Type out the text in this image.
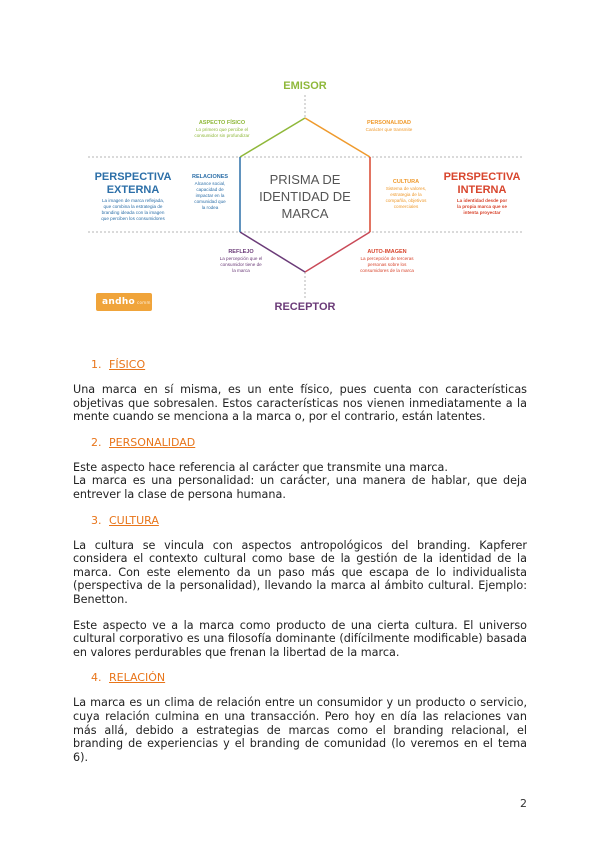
EMISOR
RECEPTOR
PRISMA DE
IDENTIDAD DE
MARCA
PERSPECTIVA
EXTERNA
La imagen de marca reflejada,
que combina la estrategia de
branding ideada con la imagen
que perciben los consumidores
PERSPECTIVA
INTERNA
La identidad desde por
la propia marca que se
intenta proyectar
ASPECTO FÍSICO
Lo primero que percibe el
consumidor sin profundizar
PERSONALIDAD
Carácter que transmite
RELACIONES
Alcance social,
capacidad de
impactar en la
comunidad que
la rodea
CULTURA
Sistema de valores,
estrategia de la
compañía, objetivos
comerciales
REFLEJO
La percepción que el
consumidor tiene de
la marca
AUTO-IMAGEN
La percepción de terceras
personas sobre los
consumidores de la marca
andho comm
1. FÍSICO

Una marca en sí misma, es un ente físico, pues cuenta con características objetivas que sobresalen. Estos características nos vienen inmediatamente a la mente cuando se menciona a la marca o, por el contrario, están latentes.

2. PERSONALIDAD

Este aspecto hace referencia al carácter que transmite una marca.

La marca es una personalidad: un carácter, una manera de hablar, que deja entrever la clase de persona humana.

3. CULTURA

La cultura se vincula con aspectos antropológicos del branding. Kapferer considera el contexto cultural como base de la gestión de la identidad de la marca. Con este elemento da un paso más que escapa de lo individualista (perspectiva de la personalidad), llevando la marca al ámbito cultural. Ejemplo: Benetton.

Este aspecto ve a la marca como producto de una cierta cultura. El universo cultural corporativo es una filosofía dominante (difícilmente modificable) basada en valores perdurables que frenan la libertad de la marca.

4. RELACIÓN

La marca es un clima de relación entre un consumidor y un producto o servicio, cuya relación culmina en una transacción. Pero hoy en día las relaciones van más allá, debido a estrategias de marcas como el branding relacional, el branding de experiencias y el branding de comunidad (lo veremos en el tema 6).

2
